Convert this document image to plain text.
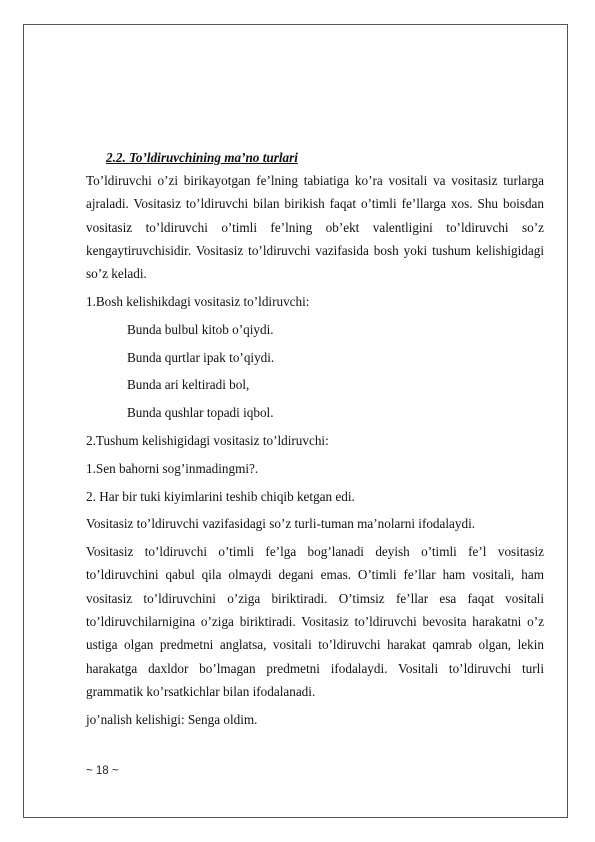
2.2. To’ldiruvchining ma’no turlari

To’ldiruvchi o’zi birikayotgan fe’lning tabiatiga ko’ra vositali va vositasiz turlarga ajraladi. Vositasiz to’ldiruvchi bilan birikish faqat o’timli fe’llarga xos. Shu boisdan vositasiz to’ldiruvchi o’timli fe’lning ob’ekt valentligini to’ldiruvchi so’z kengaytiruvchisidir. Vositasiz to’ldiruvchi vazifasida bosh yoki tushum kelishigidagi so’z keladi.

1.Bosh kelishikdagi vositasiz to’ldiruvchi:

Bunda bulbul kitob o’qiydi.

Bunda qurtlar ipak to’qiydi.

Bunda ari keltiradi bol,

Bunda qushlar topadi iqbol.

2.Tushum kelishigidagi vositasiz to’ldiruvchi:

1.Sen bahorni sog’inmadingmi?.

2. Har bir tuki kiyimlarini teshib chiqib ketgan edi.

Vositasiz to’ldiruvchi vazifasidagi so’z turli-tuman ma’nolarni ifodalaydi.

Vositasiz to’ldiruvchi o’timli fe’lga bog’lanadi deyish o’timli fe’l vositasiz to’ldiruvchini qabul qila olmaydi degani emas. O’timli fe’llar ham vositali, ham vositasiz to’ldiruvchini o’ziga biriktiradi. O’timsiz fe’llar esa faqat vositali to’ldiruvchilarnigina o’ziga biriktiradi. Vositasiz to’ldiruvchi bevosita harakatni o’z ustiga olgan predmetni anglatsa, vositali to’ldiruvchi harakat qamrab olgan, lekin harakatga daxldor bo’lmagan predmetni ifodalaydi. Vositali to’ldiruvchi turli grammatik ko’rsatkichlar bilan ifodalanadi.

jo’nalish kelishigi: Senga oldim.

~ 18 ~
